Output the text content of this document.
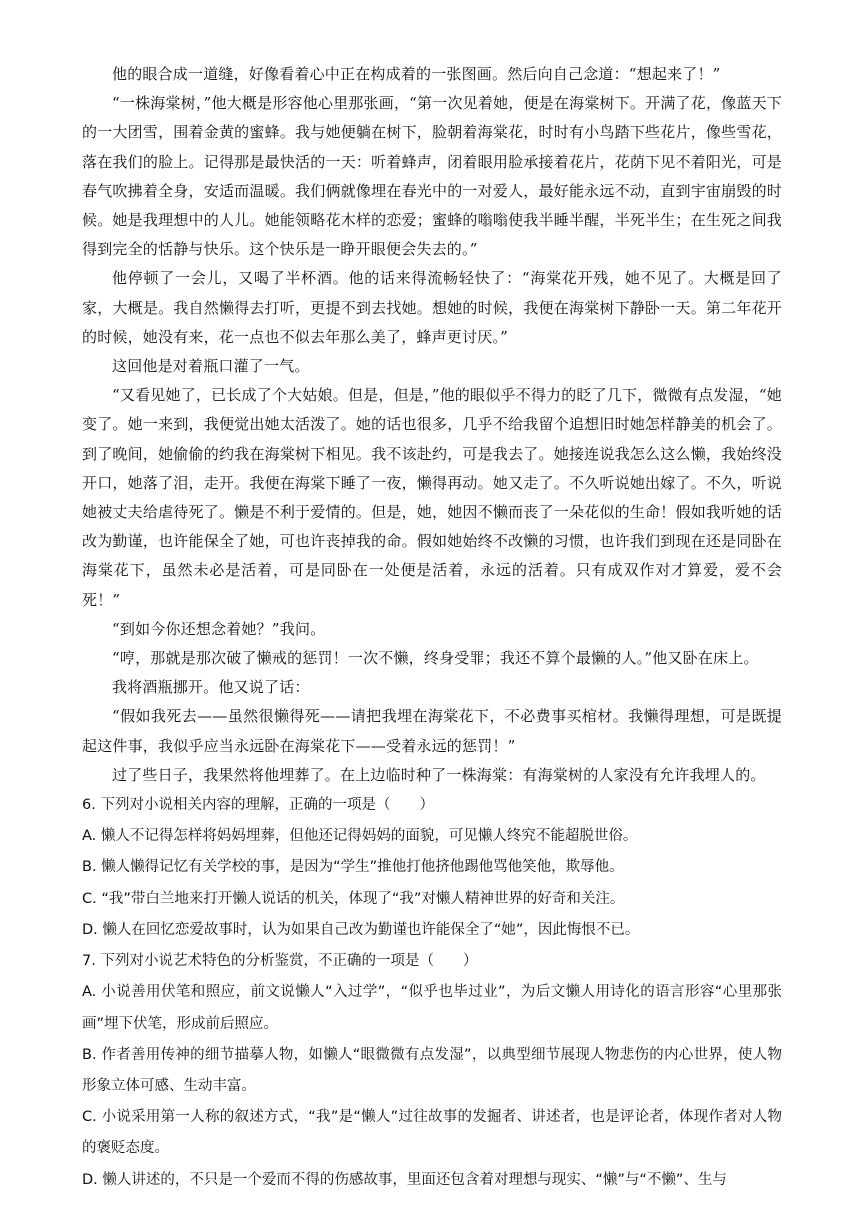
他的眼合成一道缝，好像看着心中正在构成着的一张图画。然后向自己念道：“想起来了！”

“一株海棠树，”他大概是形容他心里那张画，“第一次见着她，便是在海棠树下。开满了花，像蓝天下的一大团雪，围着金黄的蜜蜂。我与她便躺在树下，脸朝着海棠花，时时有小鸟踏下些花片，像些雪花，落在我们的脸上。记得那是最快活的一天：听着蜂声，闭着眼用脸承接着花片，花荫下见不着阳光，可是春气吹拂着全身，安适而温暖。我们俩就像埋在春光中的一对爱人，最好能永远不动，直到宇宙崩毁的时候。她是我理想中的人儿。她能领略花木样的恋爱；蜜蜂的嗡嗡使我半睡半醒，半死半生；在生死之间我得到完全的恬静与快乐。这个快乐是一睁开眼便会失去的。”

他停顿了一会儿，又喝了半杯酒。他的话来得流畅轻快了：“海棠花开残，她不见了。大概是回了家，大概是。我自然懒得去打听，更提不到去找她。想她的时候，我便在海棠树下静卧一天。第二年花开的时候，她没有来，花一点也不似去年那么美了，蜂声更讨厌。”

这回他是对着瓶口灌了一气。

“又看见她了，已长成了个大姑娘。但是，但是，”他的眼似乎不得力的眨了几下，微微有点发湿，“她变了。她一来到，我便觉出她太活泼了。她的话也很多，几乎不给我留个追想旧时她怎样静美的机会了。到了晚间，她偷偷的约我在海棠树下相见。我不该赴约，可是我去了。她接连说我怎么这么懒，我始终没开口，她落了泪，走开。我便在海棠下睡了一夜，懒得再动。她又走了。不久听说她出嫁了。不久，听说她被丈夫给虐待死了。懒是不利于爱情的。但是，她，她因不懒而丧了一朵花似的生命！假如我听她的话改为勤谨，也许能保全了她，可也许丧掉我的命。假如她始终不改懒的习惯，也许我们到现在还是同卧在海棠花下，虽然未必是活着，可是同卧在一处便是活着，永远的活着。只有成双作对才算爱，爱不会死！”

“到如今你还想念着她？”我问。

“哼，那就是那次破了懒戒的惩罚！一次不懒，终身受罪；我还不算个最懒的人。”他又卧在床上。

我将酒瓶挪开。他又说了话：

“假如我死去——虽然很懒得死——请把我埋在海棠花下，不必费事买棺材。我懒得理想，可是既提起这件事，我似乎应当永远卧在海棠花下——受着永远的惩罚！”

过了些日子，我果然将他埋葬了。在上边临时种了一株海棠：有海棠树的人家没有允许我埋人的。

6. 下列对小说相关内容的理解，正确的一项是（　　）

A. 懒人不记得怎样将妈妈埋葬，但他还记得妈妈的面貌，可见懒人终究不能超脱世俗。

B. 懒人懒得记忆有关学校的事，是因为“学生”推他打他挤他踢他骂他笑他，欺辱他。

C. “我”带白兰地来打开懒人说话的机关，体现了“我”对懒人精神世界的好奇和关注。

D. 懒人在回忆恋爱故事时，认为如果自己改为勤谨也许能保全了“她”，因此悔恨不已。

7. 下列对小说艺术特色的分析鉴赏，不正确的一项是（　　）

A. 小说善用伏笔和照应，前文说懒人“入过学”，“似乎也毕过业”，为后文懒人用诗化的语言形容“心里那张画”埋下伏笔，形成前后照应。

B. 作者善用传神的细节描摹人物，如懒人“眼微微有点发湿”，以典型细节展现人物悲伤的内心世界，使人物形象立体可感、生动丰富。

C. 小说采用第一人称的叙述方式，“我”是“懒人”过往故事的发掘者、讲述者，也是评论者，体现作者对人物的褒贬态度。

D. 懒人讲述的，不只是一个爱而不得的伤感故事，里面还包含着对理想与现实、“懒”与“不懒”、生与
